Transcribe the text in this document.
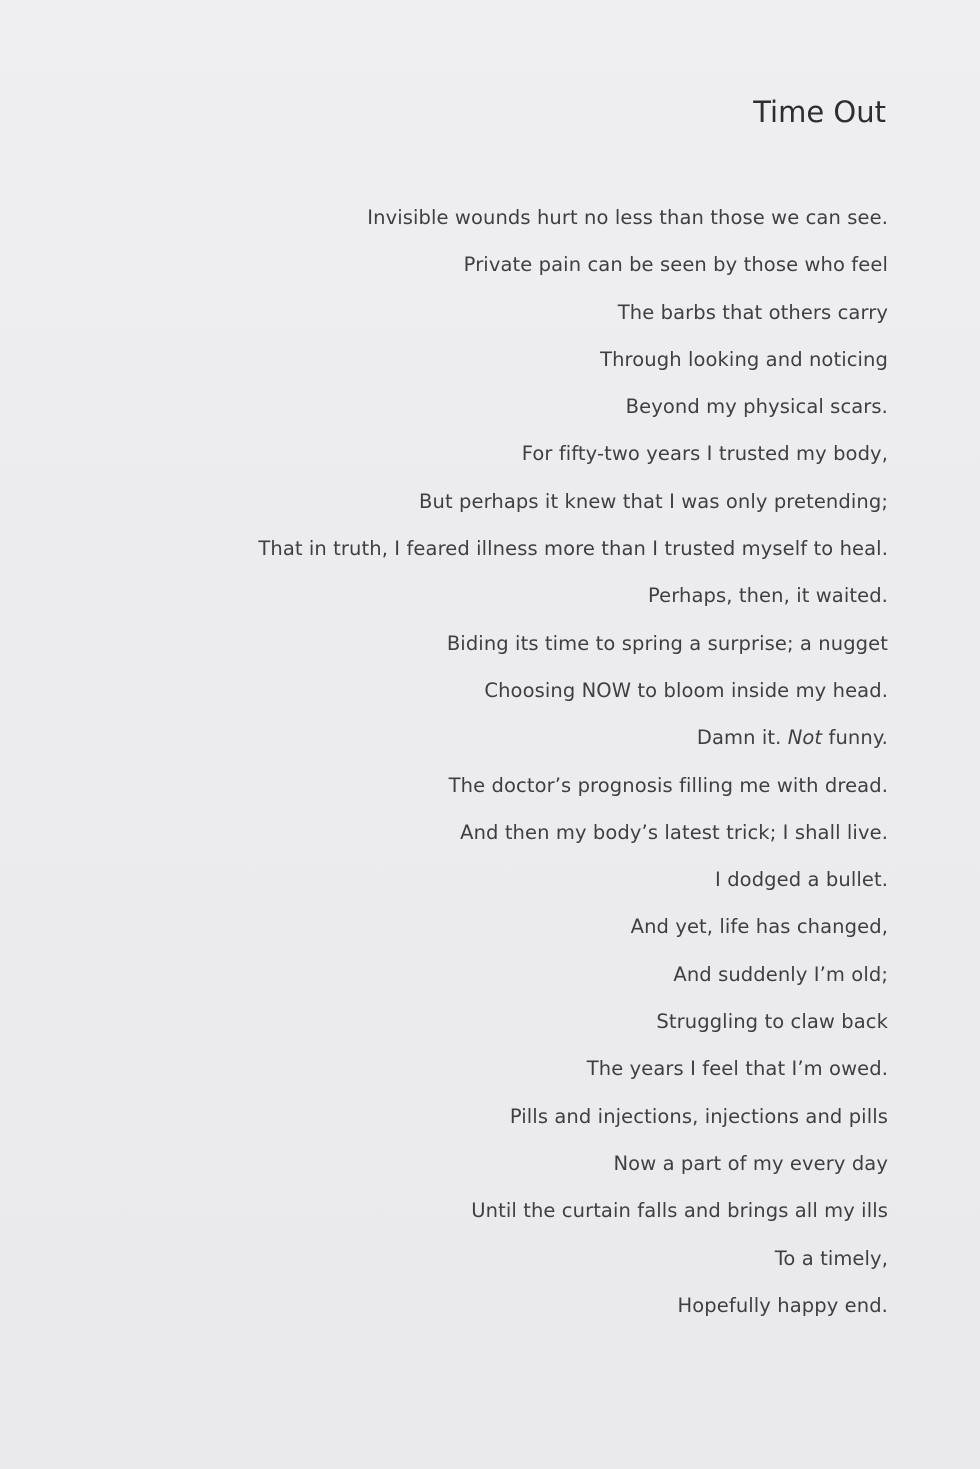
Time Out
Invisible wounds hurt no less than those we can see.
Private pain can be seen by those who feel
The barbs that others carry
Through looking and noticing
Beyond my physical scars.
For fifty-two years I trusted my body,
But perhaps it knew that I was only pretending;
That in truth, I feared illness more than I trusted myself to heal.
Perhaps, then, it waited.
Biding its time to spring a surprise; a nugget
Choosing NOW to bloom inside my head.
Damn it. Not funny.
The doctor’s prognosis filling me with dread.
And then my body’s latest trick; I shall live.
I dodged a bullet.
And yet, life has changed,
And suddenly I’m old;
Struggling to claw back
The years I feel that I’m owed.
Pills and injections, injections and pills
Now a part of my every day
Until the curtain falls and brings all my ills
To a timely,
Hopefully happy end.
